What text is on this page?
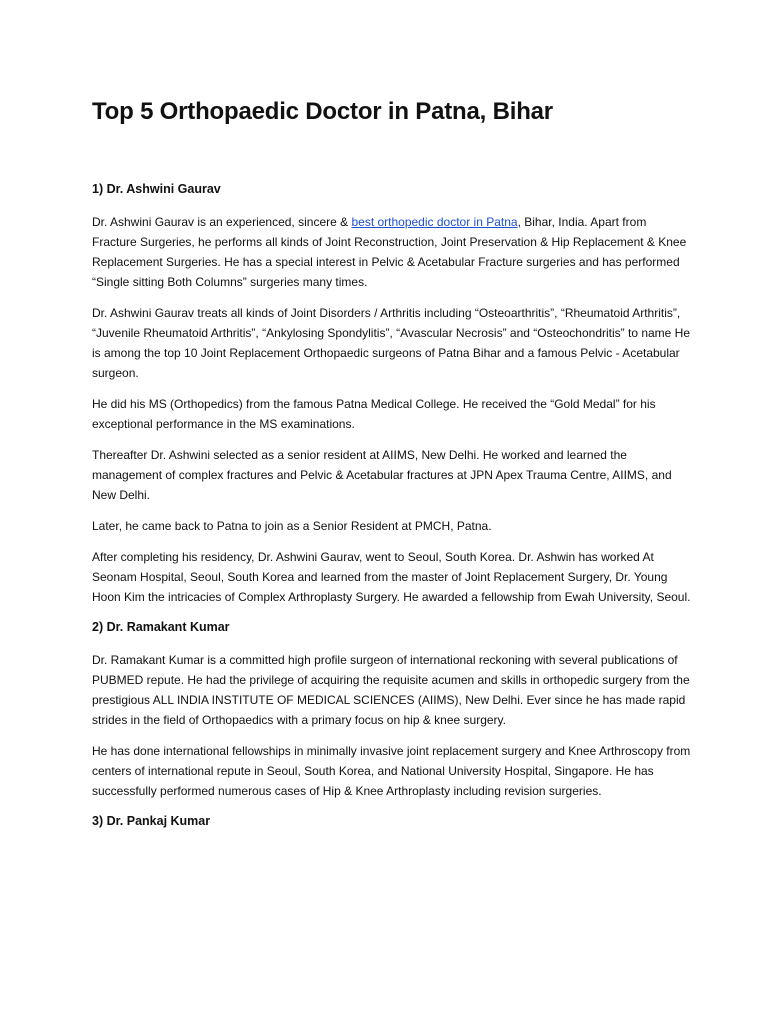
Top 5 Orthopaedic Doctor in Patna, Bihar
1) Dr. Ashwini Gaurav

Dr. Ashwini Gaurav is an experienced, sincere & best orthopedic doctor in Patna, Bihar, India. Apart from Fracture Surgeries, he performs all kinds of Joint Reconstruction, Joint Preservation & Hip Replacement & Knee Replacement Surgeries. He has a special interest in Pelvic & Acetabular Fracture surgeries and has performed “Single sitting Both Columns” surgeries many times.

Dr. Ashwini Gaurav treats all kinds of Joint Disorders / Arthritis including “Osteoarthritis”, “Rheumatoid Arthritis”, “Juvenile Rheumatoid Arthritis”, “Ankylosing Spondylitis”, “Avascular Necrosis” and “Osteochondritis” to name He is among the top 10 Joint Replacement Orthopaedic surgeons of Patna Bihar and a famous Pelvic - Acetabular surgeon.

He did his MS (Orthopedics) from the famous Patna Medical College. He received the “Gold Medal” for his exceptional performance in the MS examinations.

Thereafter Dr. Ashwini selected as a senior resident at AIIMS, New Delhi. He worked and learned the management of complex fractures and Pelvic & Acetabular fractures at JPN Apex Trauma Centre, AIIMS, and New Delhi.

Later, he came back to Patna to join as a Senior Resident at PMCH, Patna.

After completing his residency, Dr. Ashwini Gaurav, went to Seoul, South Korea. Dr. Ashwin has worked At Seonam Hospital, Seoul, South Korea and learned from the master of Joint Replacement Surgery, Dr. Young Hoon Kim the intricacies of Complex Arthroplasty Surgery. He awarded a fellowship from Ewah University, Seoul.

2) Dr. Ramakant Kumar

Dr. Ramakant Kumar is a committed high profile surgeon of international reckoning with several publications of PUBMED repute. He had the privilege of acquiring the requisite acumen and skills in orthopedic surgery from the prestigious ALL INDIA INSTITUTE OF MEDICAL SCIENCES (AIIMS), New Delhi. Ever since he has made rapid strides in the field of Orthopaedics with a primary focus on hip & knee surgery.

He has done international fellowships in minimally invasive joint replacement surgery and Knee Arthroscopy from centers of international repute in Seoul, South Korea, and National University Hospital, Singapore. He has successfully performed numerous cases of Hip & Knee Arthroplasty including revision surgeries.

3) Dr. Pankaj Kumar
